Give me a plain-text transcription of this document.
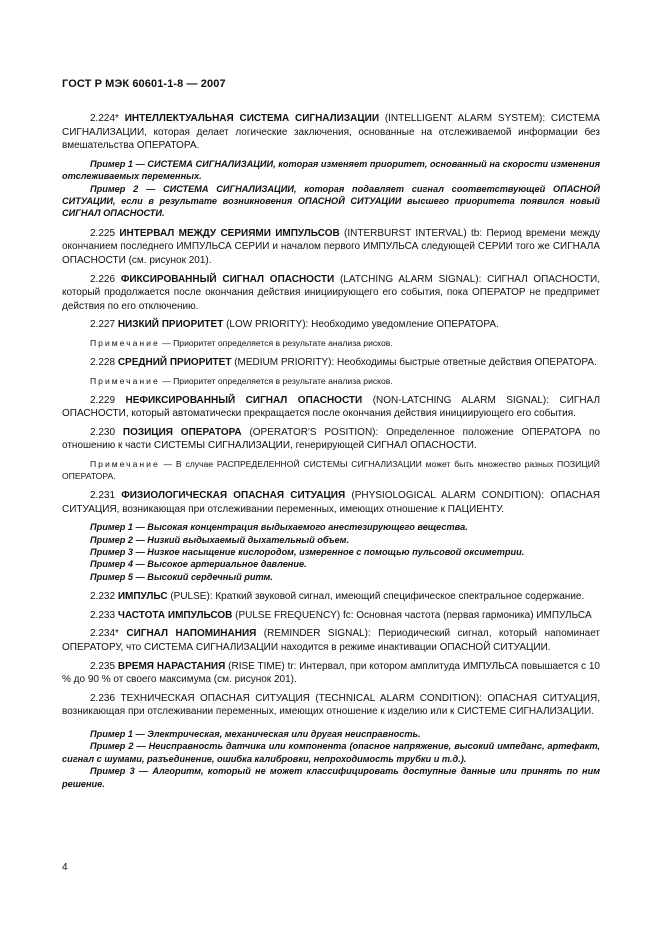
ГОСТ Р МЭК 60601-1-8 — 2007

2.224* ИНТЕЛЛЕКТУАЛЬНАЯ СИСТЕМА СИГНАЛИЗАЦИИ (INTELLIGENT ALARM SYSTEM): СИСТЕМА СИГНАЛИЗАЦИИ, которая делает логические заключения, основанные на отслеживаемой информации без вмешательства ОПЕРАТОРА.

Пример 1 — СИСТЕМА СИГНАЛИЗАЦИИ, которая изменяет приоритет, основанный на скорости изменения отслеживаемых переменных.

Пример 2 — СИСТЕМА СИГНАЛИЗАЦИИ, которая подавляет сигнал соответствующей ОПАСНОЙ СИТУАЦИИ, если в результате возникновения ОПАСНОЙ СИТУАЦИИ высшего приоритета появился новый СИГНАЛ ОПАСНОСТИ.

2.225 ИНТЕРВАЛ МЕЖДУ СЕРИЯМИ ИМПУЛЬСОВ (INTERBURST INTERVAL) tb: Период времени между окончанием последнего ИМПУЛЬСА СЕРИИ и началом первого ИМПУЛЬСА следующей СЕРИИ того же СИГНАЛА ОПАСНОСТИ (см. рисунок 201).

2.226 ФИКСИРОВАННЫЙ СИГНАЛ ОПАСНОСТИ (LATCHING ALARM SIGNAL): СИГНАЛ ОПАСНОСТИ, который продолжается после окончания действия инициирующего его события, пока ОПЕРАТОР не предпримет действия по его отключению.

2.227 НИЗКИЙ ПРИОРИТЕТ (LOW PRIORITY): Необходимо уведомление ОПЕРАТОРА.

Примечание — Приоритет определяется в результате анализа рисков.

2.228 СРЕДНИЙ ПРИОРИТЕТ (MEDIUM PRIORITY): Необходимы быстрые ответные действия ОПЕРАТОРА.

Примечание — Приоритет определяется в результате анализа рисков.

2.229 НЕФИКСИРОВАННЫЙ СИГНАЛ ОПАСНОСТИ (NON-LATCHING ALARM SIGNAL): СИГНАЛ ОПАСНОСТИ, который автоматически прекращается после окончания действия инициирующего его события.

2.230 ПОЗИЦИЯ ОПЕРАТОРА (OPERATOR'S POSITION): Определенное положение ОПЕРАТОРА по отношению к части СИСТЕМЫ СИГНАЛИЗАЦИИ, генерирующей СИГНАЛ ОПАСНОСТИ.

Примечание — В случае РАСПРЕДЕЛЕННОЙ СИСТЕМЫ СИГНАЛИЗАЦИИ может быть множество разных ПОЗИЦИЙ ОПЕРАТОРА.

2.231 ФИЗИОЛОГИЧЕСКАЯ ОПАСНАЯ СИТУАЦИЯ (PHYSIOLOGICAL ALARM CONDITION): ОПАСНАЯ СИТУАЦИЯ, возникающая при отслеживании переменных, имеющих отношение к ПАЦИЕНТУ.

Пример 1 — Высокая концентрация выдыхаемого анестезирующего вещества.

Пример 2 — Низкий выдыхаемый дыхательный объем.

Пример 3 — Низкое насыщение кислородом, измеренное с помощью пульсовой оксиметрии.

Пример 4 — Высокое артериальное давление.

Пример 5 — Высокий сердечный ритм.

2.232 ИМПУЛЬС (PULSE): Краткий звуковой сигнал, имеющий специфическое спектральное содержание.

2.233 ЧАСТОТА ИМПУЛЬСОВ (PULSE FREQUENCY) fc: Основная частота (первая гармоника) ИМПУЛЬСА

2.234* СИГНАЛ НАПОМИНАНИЯ (REMINDER SIGNAL): Периодический сигнал, который напоминает ОПЕРАТОРУ, что СИСТЕМА СИГНАЛИЗАЦИИ находится в режиме инактивации ОПАСНОЙ СИТУАЦИИ.

2.235 ВРЕМЯ НАРАСТАНИЯ (RISE TIME) tr: Интервал, при котором амплитуда ИМПУЛЬСА повышается с 10 % до 90 % от своего максимума (см. рисунок 201).

2.236 ТЕХНИЧЕСКАЯ ОПАСНАЯ СИТУАЦИЯ (TECHNICAL ALARM CONDITION): ОПАСНАЯ СИТУАЦИЯ, возникающая при отслеживании переменных, имеющих отношение к изделию или к СИСТЕМЕ СИГНАЛИЗАЦИИ.

Пример 1 — Электрическая, механическая или другая неисправность.

Пример 2 — Неисправность датчика или компонента (опасное напряжение, высокий импеданс, артефакт, сигнал с шумами, разъединение, ошибка калибровки, непроходимость трубки и т.д.).

Пример 3 — Алгоритм, который не может классифицировать доступные данные или принять по ним решение.

4
